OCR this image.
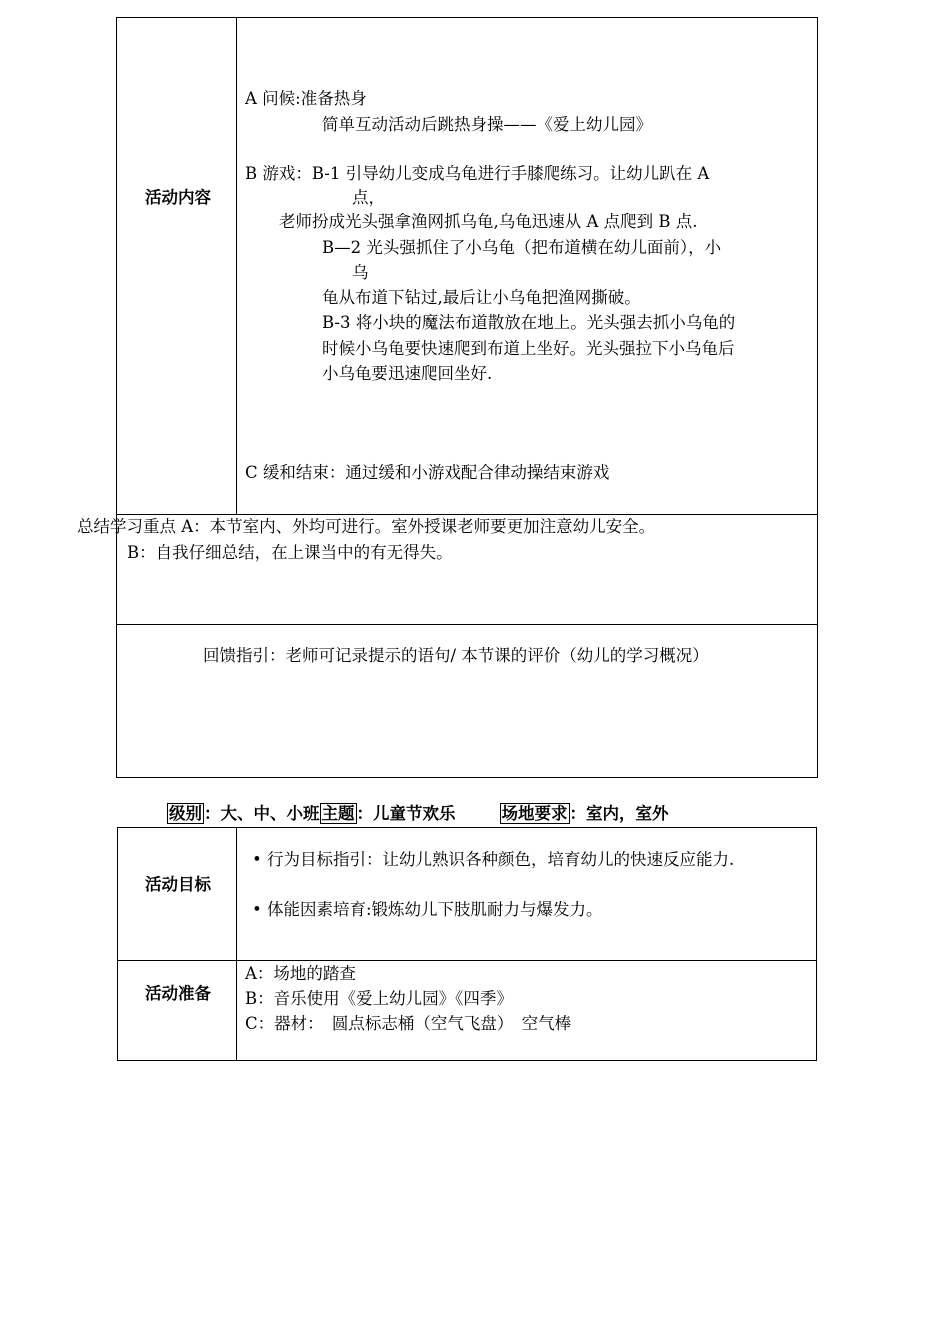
活动内容
A 问候:准备热身
简单互动活动后跳热身操——《爱上幼儿园》
B 游戏：B-1 引导幼儿变成乌龟进行手膝爬练习。让幼儿趴在 A
点，
老师扮成光头强拿渔网抓乌龟,乌龟迅速从 A 点爬到 B 点.
B—2 光头强抓住了小乌龟（把布道横在幼儿面前），小
乌
龟从布道下钻过,最后让小乌龟把渔网撕破。
B-3 将小块的魔法布道散放在地上。光头强去抓小乌龟的
时候小乌龟要快速爬到布道上坐好。光头强拉下小乌龟后
小乌龟要迅速爬回坐好.
C 缓和结束：通过缓和小游戏配合律动操结束游戏
总结学习重点 A：本节室内、外均可进行。室外授课老师要更加注意幼儿安全。
B：自我仔细总结，在上课当中的有无得失。
回馈指引：老师可记录提示的语句/ 本节课的评价（幼儿的学习概况）
级别 ：大、中、小班 主题 ：儿童节欢乐	场地要求 ：室内，室外
活动目标
• 行为目标指引：让幼儿熟识各种颜色，培育幼儿的快速反应能力.
• 体能因素培育:锻炼幼儿下肢肌耐力与爆发力。
活动准备
A：场地的踏查
B：音乐使用《爱上幼儿园》《四季》
C：器材：　圆点标志桶（空气飞盘）　空气棒
